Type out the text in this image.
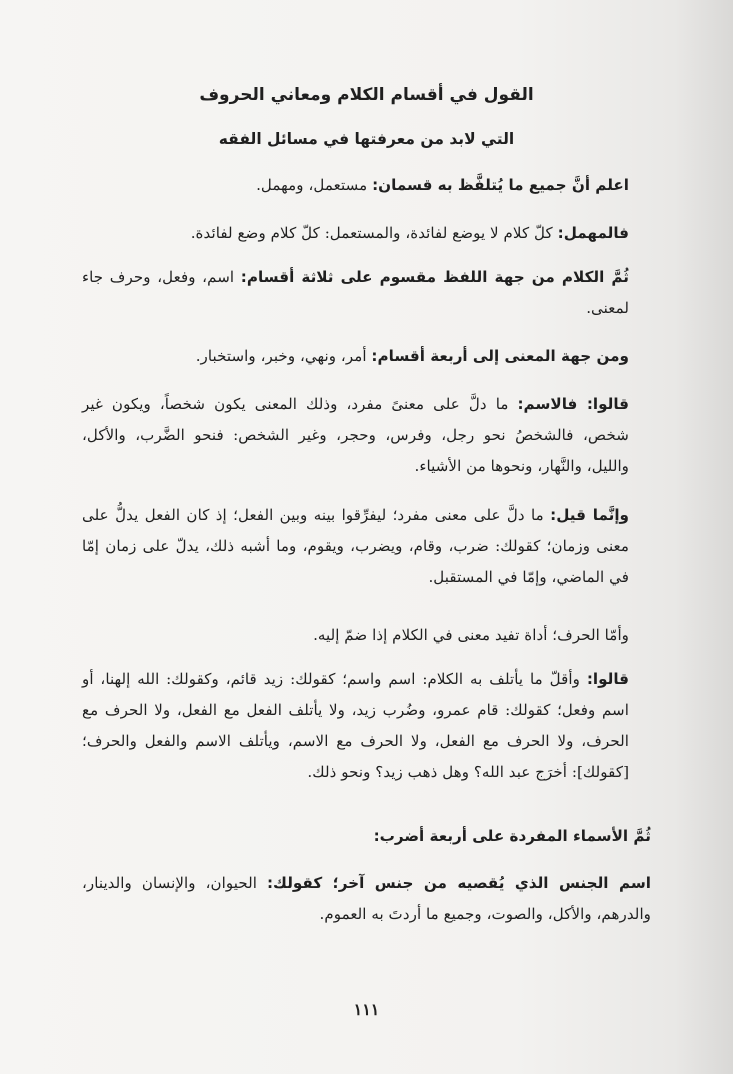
القول في أقسام الكلام ومعاني الحروف
التي لابد من معرفتها في مسائل الفقه

اعلم أنَّ جميع ما يُتلفَّظ به قسمان: مستعمل، ومهمل.

فالمهمل: كلّ كلام لا يوضع لفائدة، والمستعمل: كلّ كلام وضع لفائدة.

ثُمَّ الكلام من جهة اللفظ مقسوم على ثلاثة أقسام: اسم، وفعل، وحرف جاء لمعنى.

ومن جهة المعنى إلى أربعة أقسام: أمر، ونهي، وخبر، واستخبار.

قالوا: فالاسم: ما دلَّ على معنىً مفرد، وذلك المعنى يكون شخصاً، ويكون غير شخص، فالشخصُ نحو رجل، وفرس، وحجر، وغير الشخص: فنحو الضَّرب، والأكل، والليل، والنَّهار، ونحوها من الأشياء.

وإنَّما قيل: ما دلَّ على معنى مفرد؛ ليفرِّقوا بينه وبين الفعل؛ إذ كان الفعل يدلُّ على معنى وزمان؛ كقولك: ضرب، وقام، ويضرب، ويقوم، وما أشبه ذلك، يدلّ على زمان إمّا في الماضي، وإمّا في المستقبل.

وأمّا الحرف؛ أداة تفيد معنى في الكلام إذا ضمّ إليه.

قالوا: وأقلّ ما يأتلف به الكلام: اسم واسم؛ كقولك: زيد قائم، وكقولك: الله إلهنا، أو اسم وفعل؛ كقولك: قام عمرو، وضُرب زيد، ولا يأتلف الفعل مع الفعل، ولا الحرف مع الحرف، ولا الحرف مع الفعل، ولا الحرف مع الاسم، ويأتلف الاسم والفعل والحرف؛ [كقولك]: أخرَج عبد الله؟ وهل ذهب زيد؟ ونحو ذلك.

ثُمَّ الأسماء المفردة على أربعة أضرب:

اسم الجنس الذي يُقصيه من جنس آخر؛ كقولك: الحيوان، والإنسان والدينار، والدرهم، والأكل، والصوت، وجميع ما أردتَ به العموم.

١١١
